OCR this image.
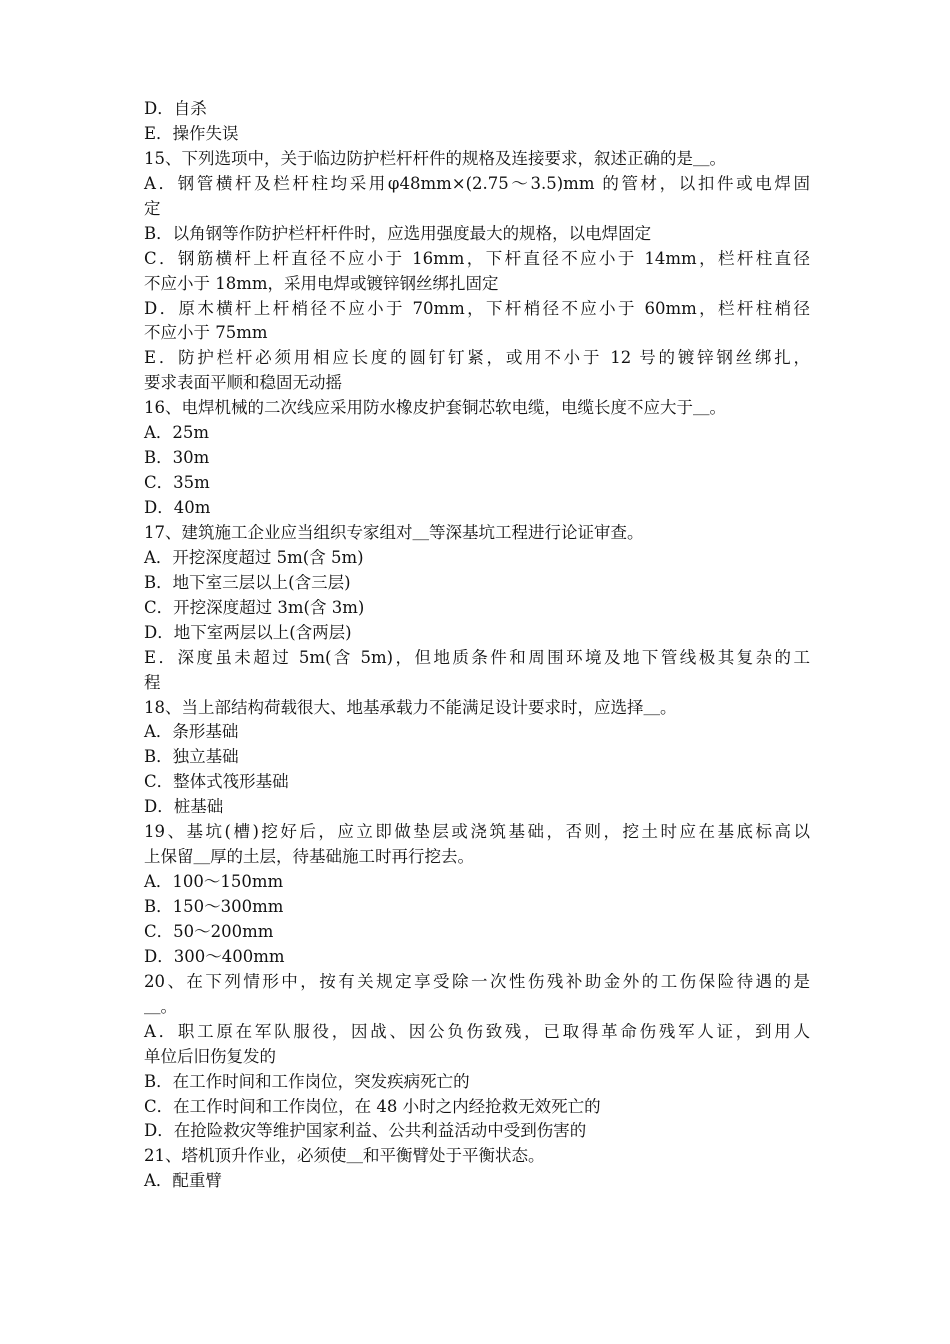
D．自杀
E．操作失误
15、下列选项中，关于临边防护栏杆杆件的规格及连接要求，叙述正确的是＿。
A．钢管横杆及栏杆柱均采用φ48mm×(2.75～3.5)mm 的管材，以扣件或电焊固
定
B．以角钢等作防护栏杆杆件时，应选用强度最大的规格，以电焊固定
C．钢筋横杆上杆直径不应小于 16mm，下杆直径不应小于 14mm，栏杆柱直径
不应小于 18mm，采用电焊或镀锌钢丝绑扎固定
D．原木横杆上杆梢径不应小于 70mm，下杆梢径不应小于 60mm，栏杆柱梢径
不应小于 75mm
E．防护栏杆必须用相应长度的圆钉钉紧，或用不小于 12 号的镀锌钢丝绑扎，
要求表面平顺和稳固无动摇
16、电焊机械的二次线应采用防水橡皮护套铜芯软电缆，电缆长度不应大于＿。
A．25m
B．30m
C．35m
D．40m
17、建筑施工企业应当组织专家组对＿等深基坑工程进行论证审查。
A．开挖深度超过 5m(含 5m)
B．地下室三层以上(含三层)
C．开挖深度超过 3m(含 3m)
D．地下室两层以上(含两层)
E．深度虽未超过 5m(含 5m)，但地质条件和周围环境及地下管线极其复杂的工
程
18、当上部结构荷载很大、地基承载力不能满足设计要求时，应选择＿。
A．条形基础
B．独立基础
C．整体式筏形基础
D．桩基础
19、基坑(槽)挖好后，应立即做垫层或浇筑基础，否则，挖土时应在基底标高以
上保留＿厚的土层，待基础施工时再行挖去。
A．100～150mm
B．150～300mm
C．50～200mm
D．300～400mm
20、在下列情形中，按有关规定享受除一次性伤残补助金外的工伤保险待遇的是
＿。
A．职工原在军队服役，因战、因公负伤致残，已取得革命伤残军人证，到用人
单位后旧伤复发的
B．在工作时间和工作岗位，突发疾病死亡的
C．在工作时间和工作岗位，在 48 小时之内经抢救无效死亡的
D．在抢险救灾等维护国家利益、公共利益活动中受到伤害的
21、塔机顶升作业，必须使＿和平衡臂处于平衡状态。
A．配重臂
